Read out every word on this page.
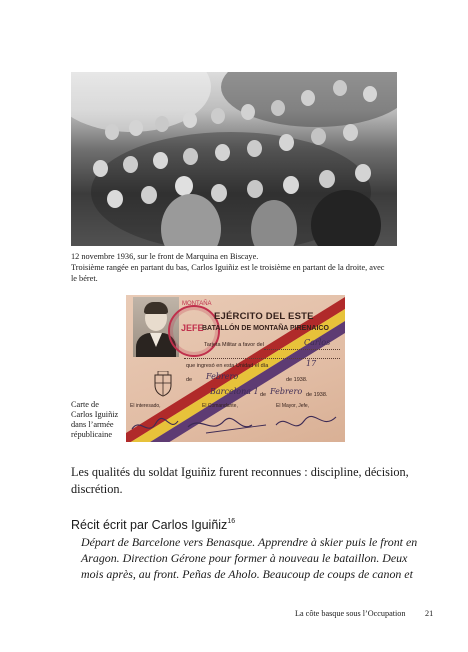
12 novembre 1936, sur le front de Marquina en Biscaye.
Troisième rangée en partant du bas, Carlos Iguiñiz est le troisième en partant de la droite, avec
le béret.
MONTAÑA
JEFE
EJÉRCITO DEL ESTE
BATALLÓN DE MONTAÑA PIRENAICO
Tarjeta Militar a favor del	Carlos
que ingresó en esta Unidad el día	17
de Febrero	de 1938.
Barcelona 1 de Febrero de 1938.
El interesado,	El Comandante,	El Mayor, Jefe,
Carte de
Carlos Iguiñiz
dans l’armée
républicaine
Les qualités du soldat Iguiñiz furent reconnues : discipline, décision,
discrétion.
Récit écrit par Carlos Iguiñiz$^{16}$
Départ de Barcelone vers Benasque. Apprendre à skier puis le front en
Aragon. Direction Gérone pour former à nouveau le bataillon. Deux
mois après, au front. Peñas de Aholo. Beaucoup de coups de canon et
La côte basque sous l’Occupation 21
